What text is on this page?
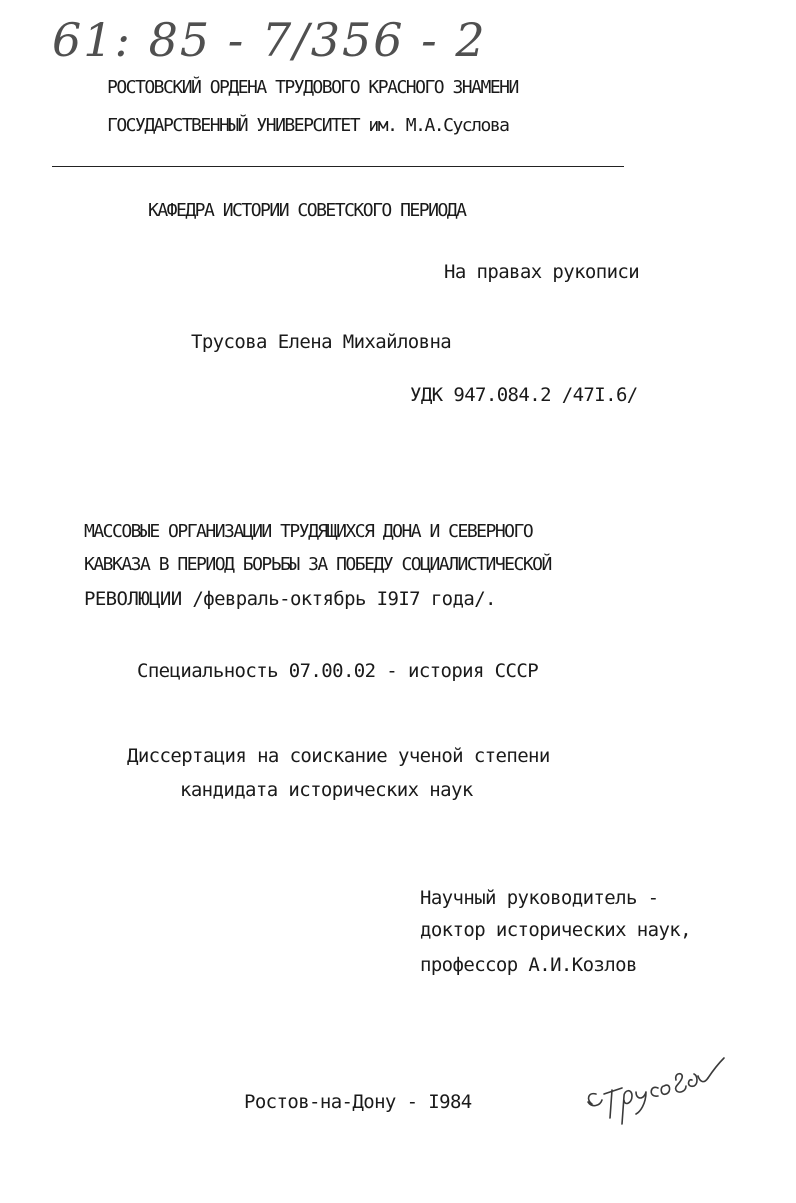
61: 85 - 7/356 - 2
РОСТОВСКИЙ ОРДЕНА ТРУДОВОГО КРАСНОГО ЗНАМЕНИ
ГОСУДАРСТВЕННЫЙ УНИВЕРСИТЕТ им. М.А.Суслова
КАФЕДРА ИСТОРИИ СОВЕТСКОГО ПЕРИОДА
На правах рукописи
Трусова Елена Михайловна
УДК 947.084.2 /47I.6/
МАССОВЫЕ ОРГАНИЗАЦИИ ТРУДЯЩИХСЯ ДОНА И СЕВЕРНОГО
КАВКАЗА В ПЕРИОД БОРЬБЫ ЗА ПОБЕДУ СОЦИАЛИСТИЧЕСКОЙ
РЕВОЛЮЦИИ /февраль-октябрь I9I7 года/.
Специальность 07.00.02 - история СССР
Диссертация на соискание ученой степени
кандидата исторических наук
Научный руководитель -
доктор исторических наук,
профессор А.И.Козлов
Ростов-на-Дону - I984
